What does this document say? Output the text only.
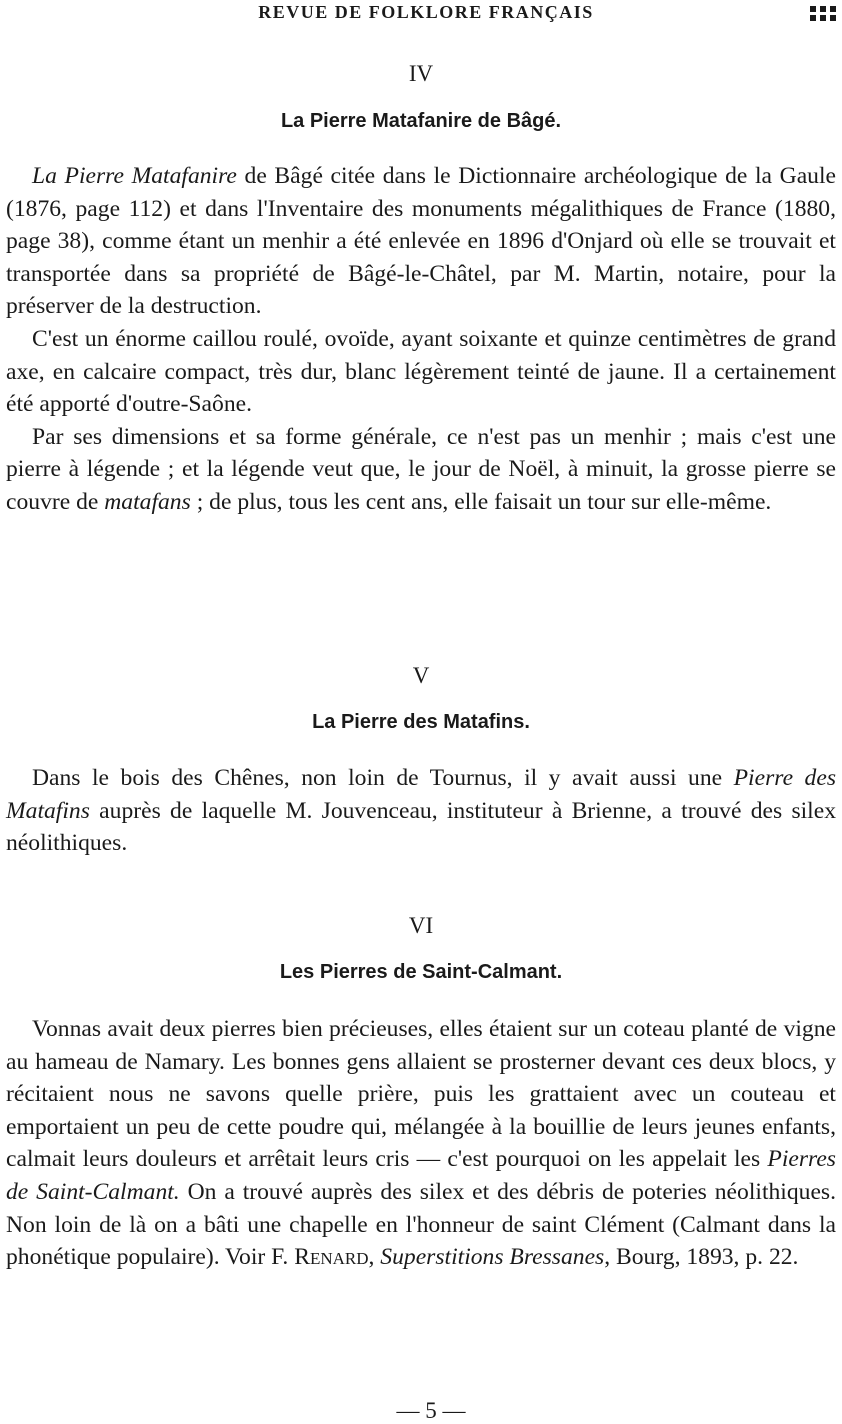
REVUE DE FOLKLORE FRANÇAIS
IV
La Pierre Matafanire de Bâgé.

La Pierre Matafanire de Bâgé citée dans le Dictionnaire archéologique de la Gaule (1876, page 112) et dans l'Inventaire des monuments mégalithiques de France (1880, page 38), comme étant un menhir a été enlevée en 1896 d'Onjard où elle se trouvait et transportée dans sa propriété de Bâgé-le-Châtel, par M. Martin, notaire, pour la préserver de la destruction.

C'est un énorme caillou roulé, ovoïde, ayant soixante et quinze centimètres de grand axe, en calcaire compact, très dur, blanc légèrement teinté de jaune. Il a certainement été apporté d'outre-Saône.

Par ses dimensions et sa forme générale, ce n'est pas un menhir ; mais c'est une pierre à légende ; et la légende veut que, le jour de Noël, à minuit, la grosse pierre se couvre de matafans ; de plus, tous les cent ans, elle faisait un tour sur elle-même.

V
La Pierre des Matafins.

Dans le bois des Chênes, non loin de Tournus, il y avait aussi une Pierre des Matafins auprès de laquelle M. Jouvenceau, instituteur à Brienne, a trouvé des silex néolithiques.

VI
Les Pierres de Saint-Calmant.

Vonnas avait deux pierres bien précieuses, elles étaient sur un coteau planté de vigne au hameau de Namary. Les bonnes gens allaient se prosterner devant ces deux blocs, y récitaient nous ne savons quelle prière, puis les grattaient avec un couteau et emportaient un peu de cette poudre qui, mélangée à la bouillie de leurs jeunes enfants, calmait leurs douleurs et arrêtait leurs cris — c'est pourquoi on les appelait les Pierres de Saint-Calmant. On a trouvé auprès des silex et des débris de poteries néolithiques. Non loin de là on a bâti une chapelle en l'honneur de saint Clément (Calmant dans la phonétique populaire). Voir F. Renard, Superstitions Bressanes, Bourg, 1893, p. 22.

— 5 —
